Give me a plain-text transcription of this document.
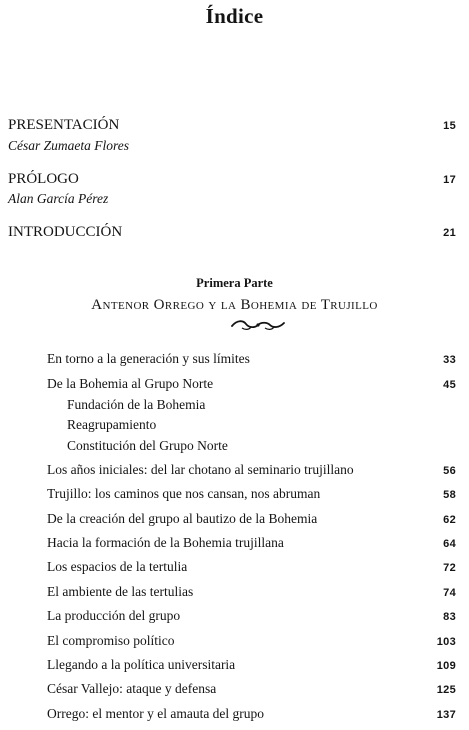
Índice
PRESENTACIÓN	15
César Zumaeta Flores
PRÓLOGO	17
Alan García Pérez
INTRODUCCIÓN	21
Primera Parte
Antenor Orrego y la Bohemia de Trujillo
En torno a la generación y sus límites	33
De la Bohemia al Grupo Norte	45
Fundación de la Bohemia
Reagrupamiento
Constitución del Grupo Norte
Los años iniciales: del lar chotano al seminario trujillano	56
Trujillo: los caminos que nos cansan, nos abruman	58
De la creación del grupo al bautizo de la Bohemia	62
Hacia la formación de la Bohemia trujillana	64
Los espacios de la tertulia	72
El ambiente de las tertulias	74
La producción del grupo	83
El compromiso político	103
Llegando a la política universitaria	109
César Vallejo: ataque y defensa	125
Orrego: el mentor y el amauta del grupo	137
